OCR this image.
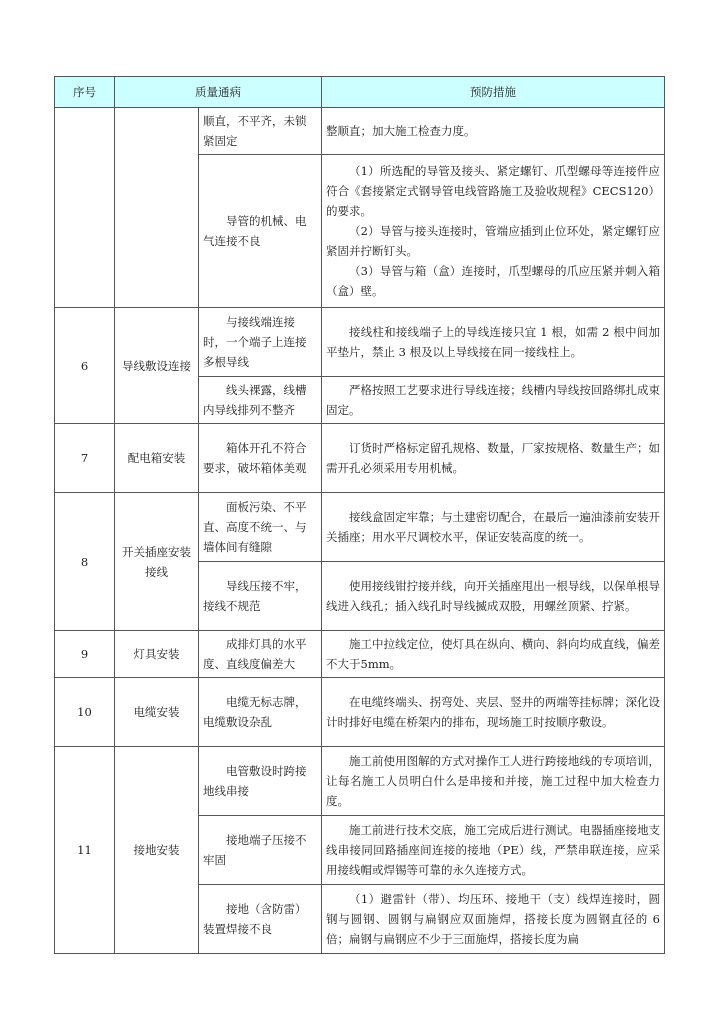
序号	质量通病		预防措施
		顺直，不平齐，未锁紧固定	整顺直；加大施工检查力度。

		导管的机械、电气连接不良	（1）所选配的导管及接头、紧定螺钉、爪型螺母等连接件应符合《套接紧定式钢导管电线管路施工及验收规程》CECS120）的要求。

（2）导管与接头连接时，管端应插到止位环处，紧定螺钉应紧固并拧断钉头。

（3）导管与箱（盒）连接时，爪型螺母的爪应压紧并刺入箱（盒）壁。

6	导线敷设连接	与接线端连接时，一个端子上连接多根导线	接线柱和接线端子上的导线连接只宜 1 根，如需 2 根中间加平垫片，禁止 3 根及以上导线接在同一接线柱上。

		线头裸露，线槽内导线排列不整齐	严格按照工艺要求进行导线连接；线槽内导线按回路绑扎成束固定。

7	配电箱安装	箱体开孔不符合要求，破坏箱体美观	订货时严格标定留孔规格、数量，厂家按规格、数量生产；如需开孔必须采用专用机械。

8	开关插座安装接线	面板污染、不平直、高度不统一、与墙体间有缝隙	接线盒固定牢靠；与土建密切配合，在最后一遍油漆前安装开关插座；用水平尺调校水平，保证安装高度的统一。

		导线压接不牢，接线不规范	使用接线钳拧接并线，向开关插座甩出一根导线，以保单根导线进入线孔；插入线孔时导线揻成双股，用螺丝顶紧、拧紧。

9	灯具安装	成排灯具的水平度、直线度偏差大	施工中拉线定位，使灯具在纵向、横向、斜向均成直线，偏差不大于5mm。

10	电缆安装	电缆无标志牌，电缆敷设杂乱	在电缆终端头、拐弯处、夹层、竖井的两端等挂标牌；深化设计时排好电缆在桥架内的排布，现场施工时按顺序敷设。

11	接地安装	电管敷设时跨接地线串接	施工前使用图解的方式对操作工人进行跨接地线的专项培训，让每名施工人员明白什么是串接和并接，施工过程中加大检查力度。

		接地端子压接不牢固	施工前进行技术交底，施工完成后进行测试。电器插座接地支线串接同回路插座间连接的接地（PE）线，严禁串联连接，应采用接线帽或焊锡等可靠的永久连接方式。

		接地（含防雷）装置焊接不良	（1）避雷针（带）、均压环、接地干（支）线焊连接时，圆钢与圆钢、圆钢与扁钢应双面施焊，搭接长度为圆钢直径的 6 倍；扁钢与扁钢应不少于三面施焊，搭接长度为扁
